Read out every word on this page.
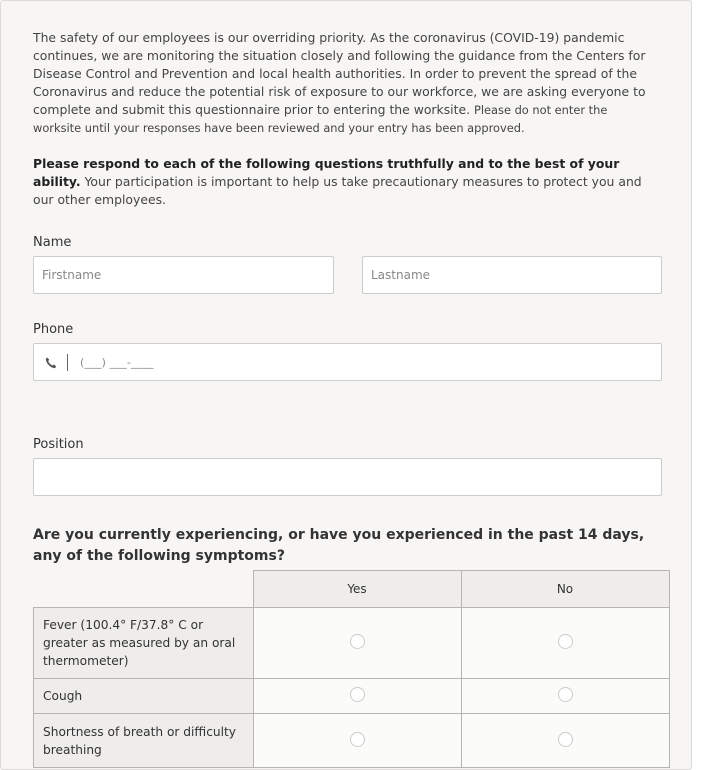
The safety of our employees is our overriding priority. As the coronavirus (COVID-19) pandemic continues, we are monitoring the situation closely and following the guidance from the Centers for Disease Control and Prevention and local health authorities. In order to prevent the spread of the Coronavirus and reduce the potential risk of exposure to our workforce, we are asking everyone to complete and submit this questionnaire prior to entering the worksite. Please do not enter the worksite until your responses have been reviewed and your entry has been approved.

Please respond to each of the following questions truthfully and to the best of your ability. Your participation is important to help us take precautionary measures to protect you and our other employees.

Name
Firstname
Lastname
Phone
(___) ___-____
Position

Are you currently experiencing, or have you experienced in the past 14 days, any of the following symptoms?

	Yes	No
Fever (100.4° F/37.8° C or greater as measured by an oral thermometer)		
Cough		
Shortness of breath or difficulty breathing		
